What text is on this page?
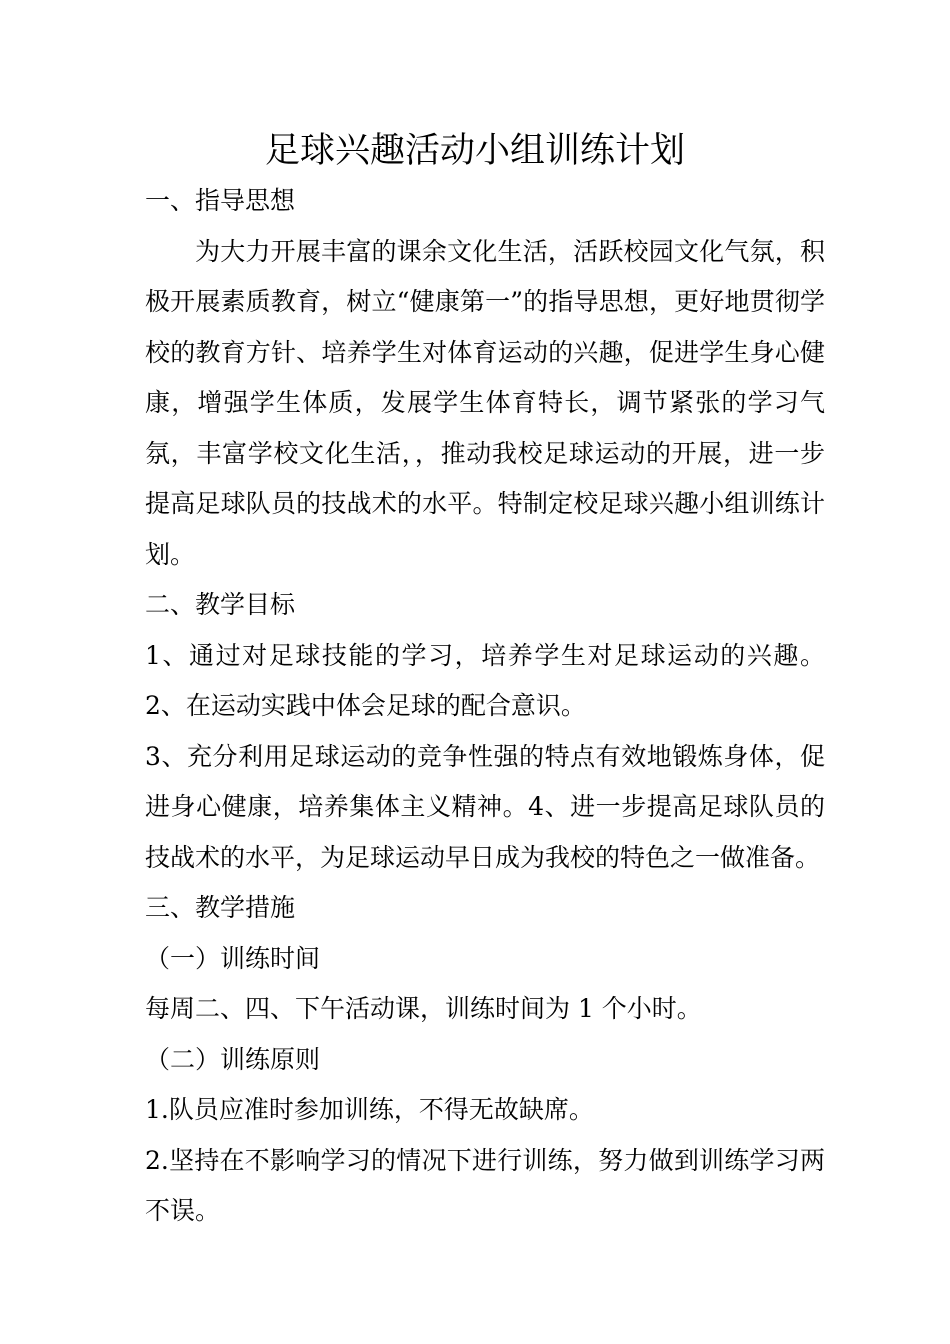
足球兴趣活动小组训练计划

一、指导思想

为大力开展丰富的课余文化生活，活跃校园文化气氛，积极开展素质教育，树立“健康第一”的指导思想，更好地贯彻学校的教育方针、培养学生对体育运动的兴趣，促进学生身心健康，增强学生体质，发展学生体育特长，调节紧张的学习气氛，丰富学校文化生活，，推动我校足球运动的开展，进一步提高足球队员的技战术的水平。特制定校足球兴趣小组训练计划。

二、教学目标

1、通过对足球技能的学习，培养学生对足球运动的兴趣。 2、在运动实践中体会足球的配合意识。

3、充分利用足球运动的竞争性强的特点有效地锻炼身体，促进身心健康，培养集体主义精神。4、进一步提高足球队员的技战术的水平，为足球运动早日成为我校的特色之一做准备。

三、教学措施

（一）训练时间

每周二、四、下午活动课，训练时间为 1 个小时。

（二）训练原则

1.队员应准时参加训练，不得无故缺席。

2.坚持在不影响学习的情况下进行训练，努力做到训练学习两不误。
